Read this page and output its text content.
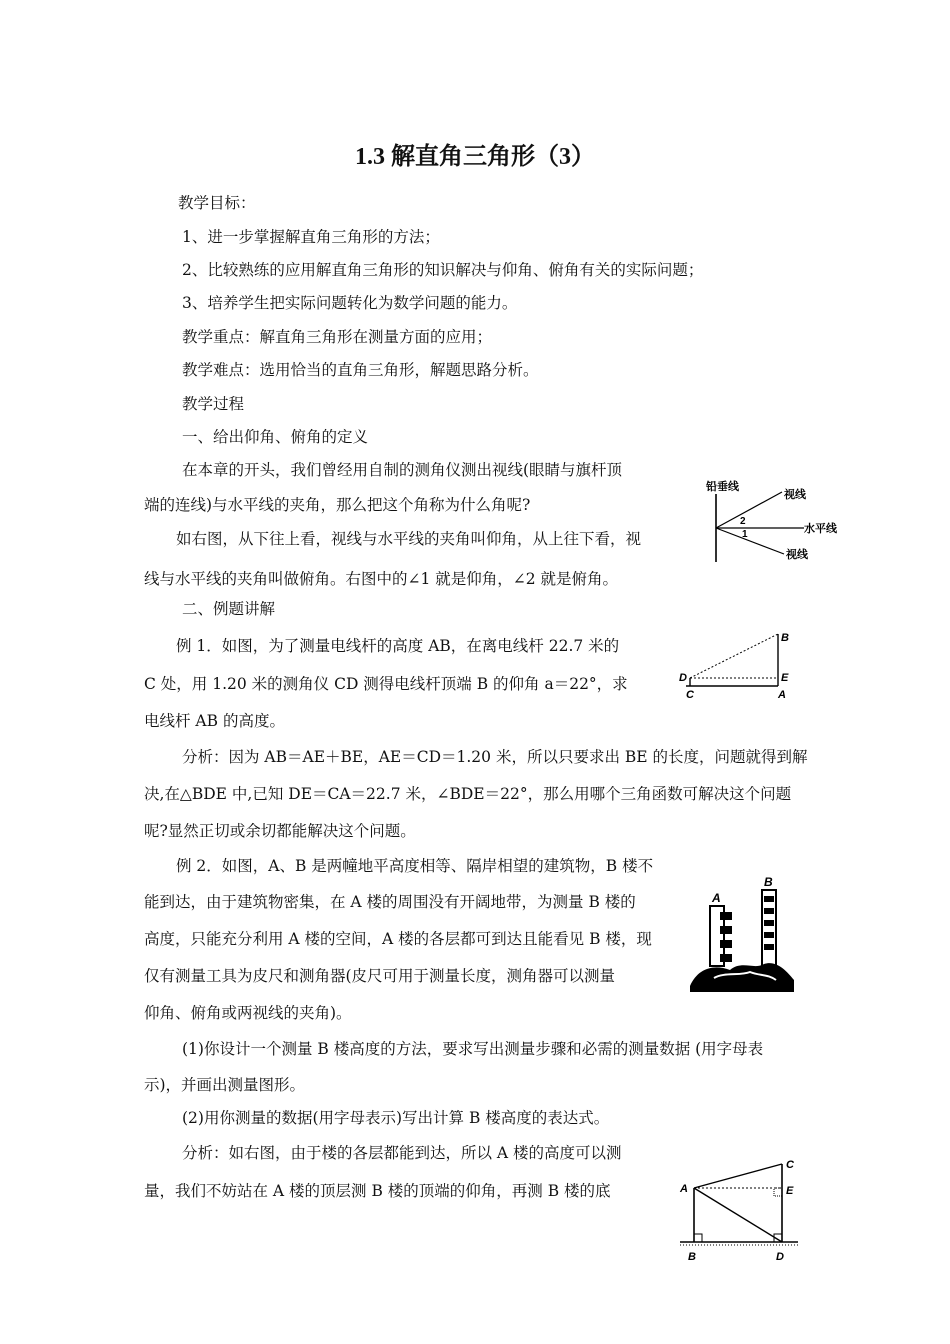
1.3 解直角三角形（3）
教学目标：
1、进一步掌握解直角三角形的方法；
2、比较熟练的应用解直角三角形的知识解决与仰角、俯角有关的实际问题；
3、培养学生把实际问题转化为数学问题的能力。
教学重点：解直角三角形在测量方面的应用；
教学难点：选用恰当的直角三角形，解题思路分析。
教学过程
一、给出仰角、俯角的定义
在本章的开头，我们曾经用自制的测角仪测出视线(眼睛与旗杆顶
端的连线)与水平线的夹角，那么把这个角称为什么角呢?
如右图，从下往上看，视线与水平线的夹角叫仰角，从上往下看，视
线与水平线的夹角叫做俯角。右图中的∠1 就是仰角，∠2 就是俯角。
铅垂线
视线
水平线
视线
2
1
二、例题讲解
例 1．如图，为了测量电线杆的高度 AB，在离电线杆 22.7 米的
C 处，用 1.20 米的测角仪 CD 测得电线杆顶端 B 的仰角 a＝22°，求
电线杆 AB 的高度。
B
D	E
C	A
分析：因为 AB＝AE＋BE，AE＝CD＝1.20 米，所以只要求出 BE 的长度，问题就得到解
决,在△BDE 中,已知 DE＝CA＝22.7 米，∠BDE＝22°，那么用哪个三角函数可解决这个问题
呢?显然正切或余切都能解决这个问题。
例 2．如图，A、B 是两幢地平高度相等、隔岸相望的建筑物，B 楼不
能到达，由于建筑物密集，在 A 楼的周围没有开阔地带，为测量 B 楼的
高度，只能充分利用 A 楼的空间，A 楼的各层都可到达且能看见 B 楼，现
仅有测量工具为皮尺和测角器(皮尺可用于测量长度，测角器可以测量
仰角、俯角或两视线的夹角)。
A
B
(1)你设计一个测量 B 楼高度的方法，要求写出测量步骤和必需的测量数据 (用字母表
示)，并画出测量图形。
(2)用你测量的数据(用字母表示)写出计算 B 楼高度的表达式。
分析：如右图，由于楼的各层都能到达，所以 A 楼的高度可以测
量，我们不妨站在 A 楼的顶层测 B 楼的顶端的仰角，再测 B 楼的底
C
A	E
B	D
